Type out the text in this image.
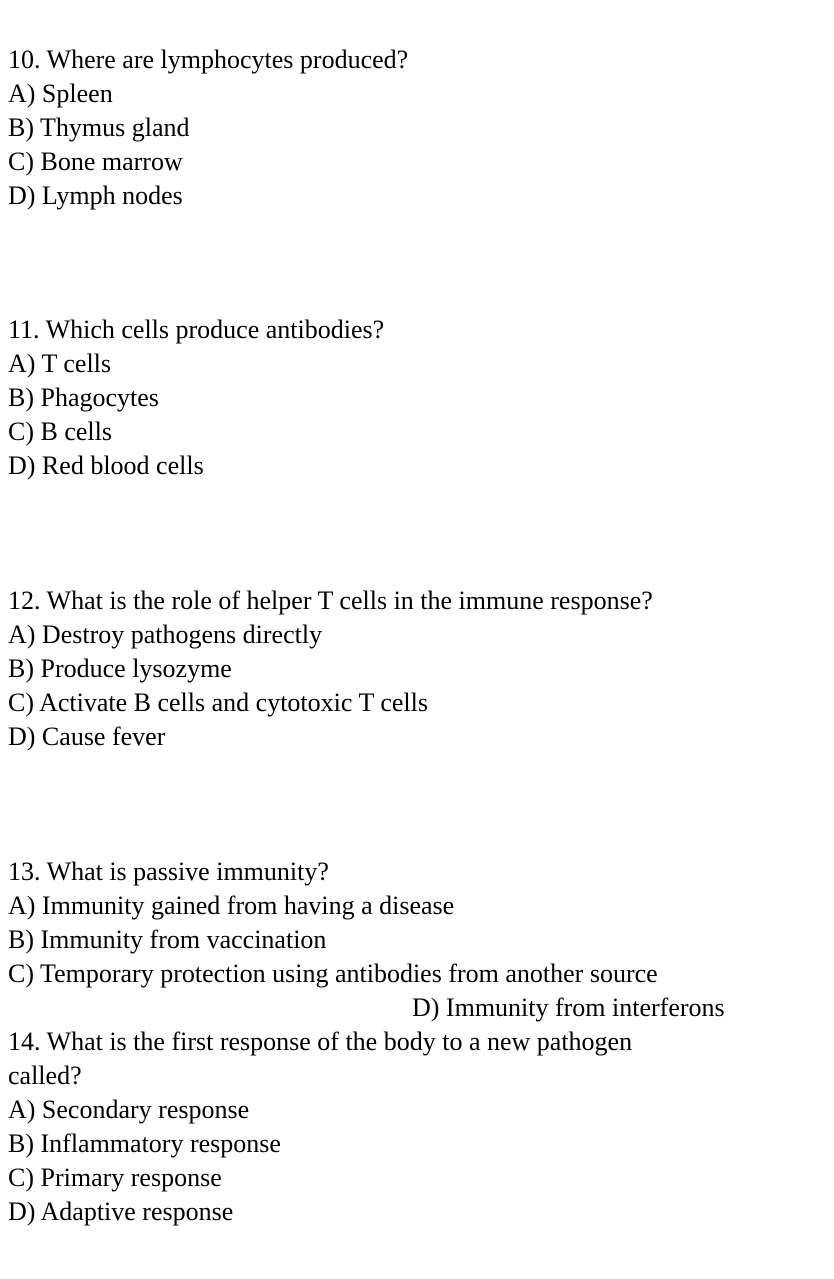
10. Where are lymphocytes produced?
A) Spleen
B) Thymus gland
C) Bone marrow
D) Lymph nodes
11. Which cells produce antibodies?
A) T cells
B) Phagocytes
C) B cells
D) Red blood cells
12. What is the role of helper T cells in the immune response?
A) Destroy pathogens directly
B) Produce lysozyme
C) Activate B cells and cytotoxic T cells
D) Cause fever
13. What is passive immunity?
A) Immunity gained from having a disease
B) Immunity from vaccination
C) Temporary protection using antibodies from another source
D) Immunity from interferons
14. What is the first response of the body to a new pathogen
called?
A) Secondary response
B) Inflammatory response
C) Primary response
D) Adaptive response
